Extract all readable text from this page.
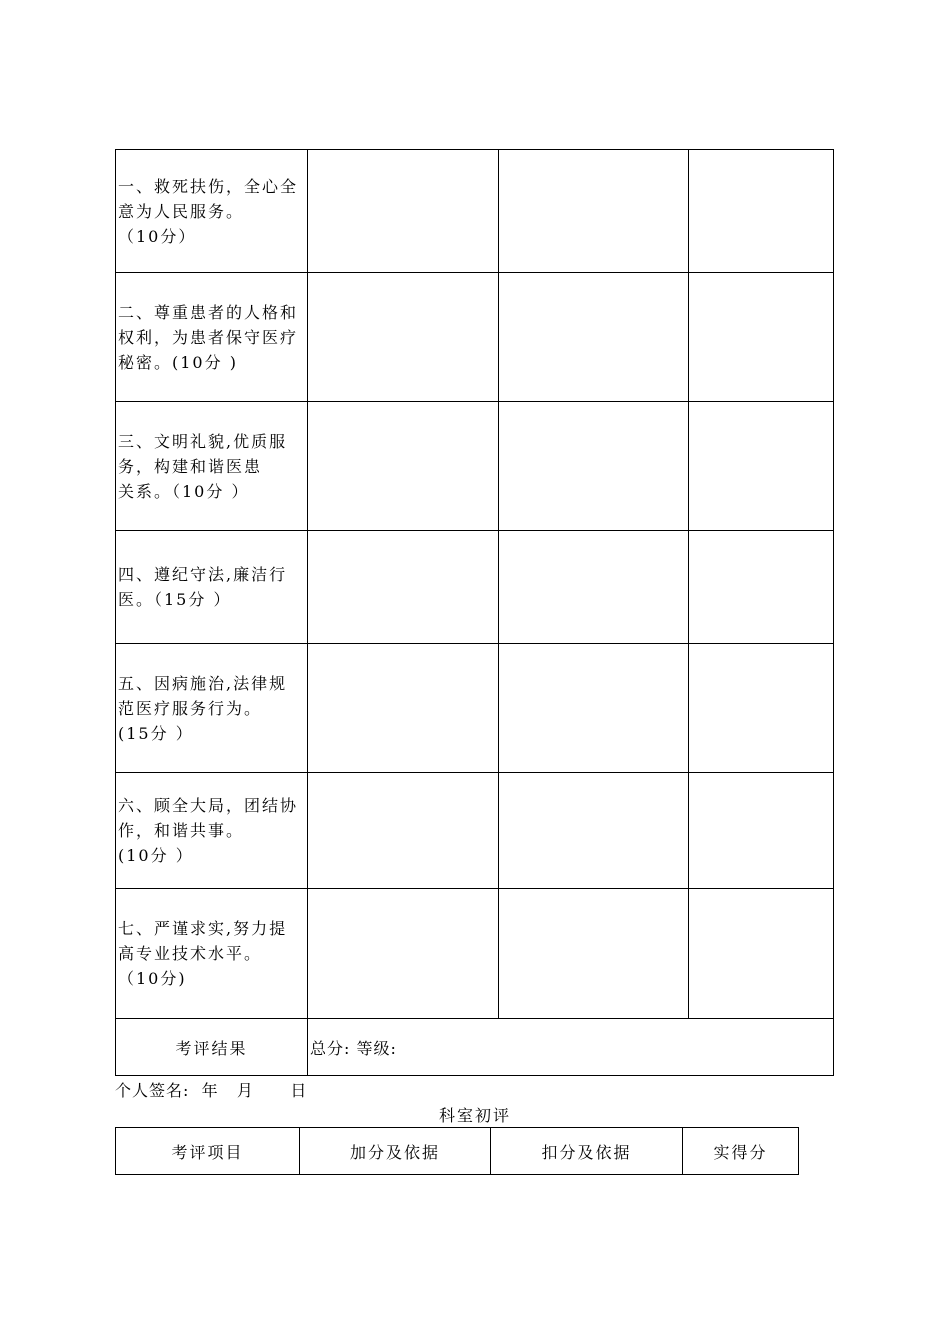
一、救死扶伤，全心全
意为人民服务。
（10分）			

二、尊重患者的人格和
权利，为患者保守医疗
秘密。(10分 )			

三、文明礼貌,优质服
务，构建和谐医患
关系。（10分 ）			

四、遵纪守法,廉洁行
医。（15分 ）			

五、因病施治,法律规
范医疗服务行为。
(15分 ）			

六、顾全大局，团结协
作，和谐共事。
(10分 ）			

七、严谨求实,努力提
高专业技术水平。
（10分)			

考评结果	总分: 等级:		
个人签名:  年   月      日
科室初评
考评项目	加分及依据	扣分及依据	实得分
